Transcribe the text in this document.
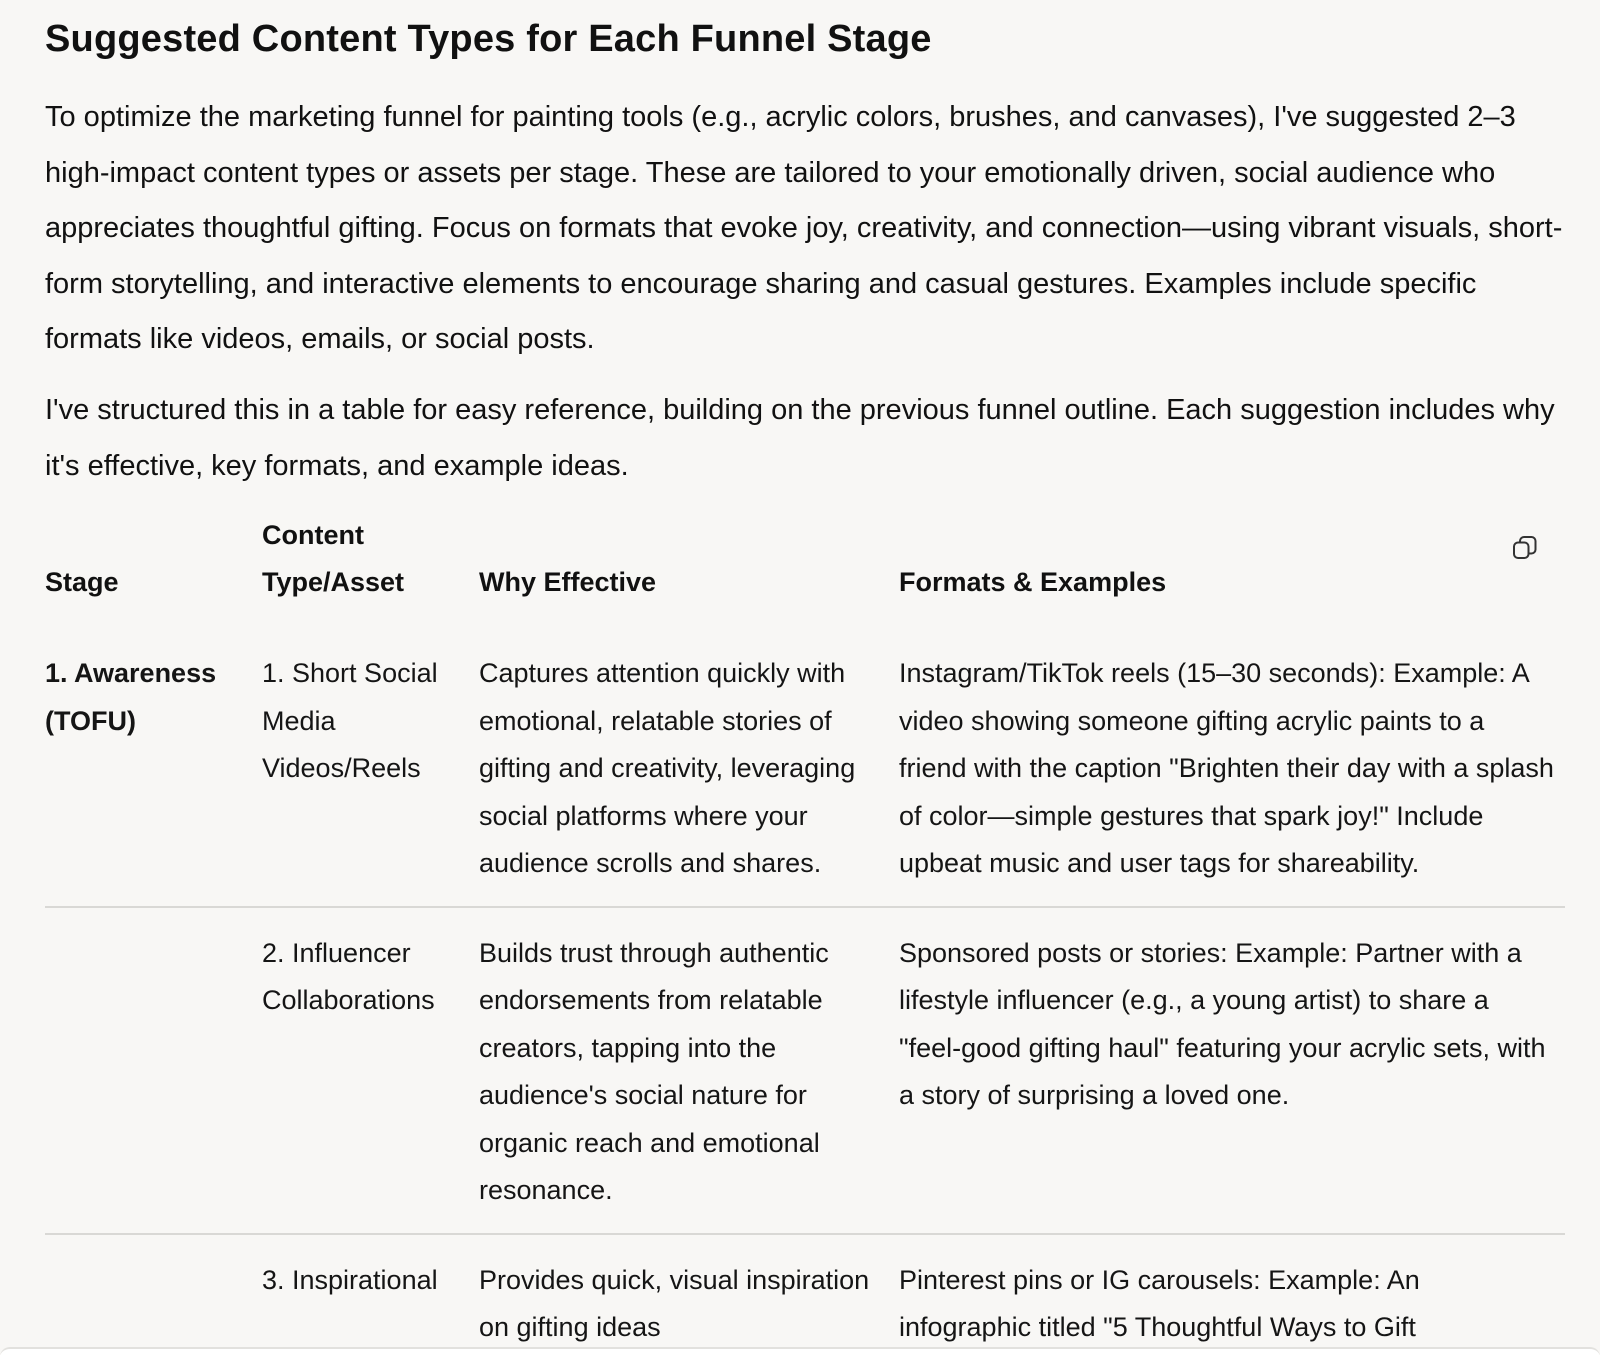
Suggested Content Types for Each Funnel Stage

To optimize the marketing funnel for painting tools (e.g., acrylic colors, brushes, and canvases), I've suggested 2–3 high-impact content types or assets per stage. These are tailored to your emotionally driven, social audience who appreciates thoughtful gifting. Focus on formats that evoke joy, creativity, and connection—using vibrant visuals, short-form storytelling, and interactive elements to encourage sharing and casual gestures. Examples include specific formats like videos, emails, or social posts.

I've structured this in a table for easy reference, building on the previous funnel outline. Each suggestion includes why it's effective, key formats, and example ideas.

Stage	Content Type/Asset	Why Effective	Formats & Examples
1. Awareness (TOFU)	1. Short Social Media Videos/Reels	Captures attention quickly with emotional, relatable stories of gifting and creativity, leveraging social platforms where your audience scrolls and shares.	Instagram/TikTok reels (15–30 seconds): Example: A video showing someone gifting acrylic paints to a friend with the caption "Brighten their day with a splash of color—simple gestures that spark joy!" Include upbeat music and user tags for shareability.
	2. Influencer Collaborations	Builds trust through authentic endorsements from relatable creators, tapping into the audience's social nature for organic reach and emotional resonance.	Sponsored posts or stories: Example: Partner with a lifestyle influencer (e.g., a young artist) to share a "feel-good gifting haul" featuring your acrylic sets, with a story of surprising a loved one.
	3. Inspirational	Provides quick, visual inspiration on gifting ideas	Pinterest pins or IG carousels: Example: An infographic titled "5 Thoughtful Ways to Gift
